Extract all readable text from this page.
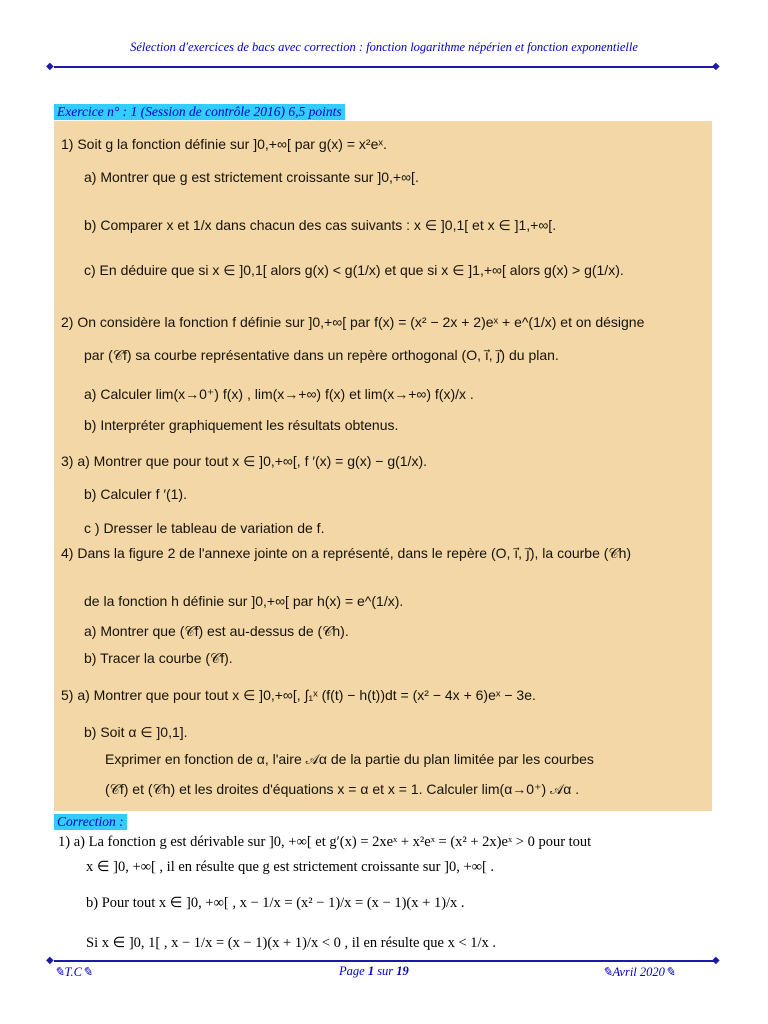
Sélection d'exercices de bacs avec correction : fonction logarithme népérien et fonction exponentielle
◆	◆
Exercice n° : 1 (Session de contrôle 2016) 6,5 points
1) Soit g la fonction définie sur ]0,+∞[ par g(x) = x²eˣ.
a) Montrer que g est strictement croissante sur ]0,+∞[.
b) Comparer x et 1/x dans chacun des cas suivants : x ∈ ]0,1[ et x ∈ ]1,+∞[.
c) En déduire que si x ∈ ]0,1[ alors g(x) < g(1/x) et que si x ∈ ]1,+∞[ alors g(x) > g(1/x).
2) On considère la fonction f définie sur ]0,+∞[ par f(x) = (x² − 2x + 2)eˣ + e^(1/x) et on désigne
par (𝒞f) sa courbe représentative dans un repère orthogonal (O, i⃗, j⃗) du plan.
a) Calculer lim(x→0⁺) f(x) , lim(x→+∞) f(x) et lim(x→+∞) f(x)/x .
b) Interpréter graphiquement les résultats obtenus.
3) a) Montrer que pour tout x ∈ ]0,+∞[, f ′(x) = g(x) − g(1/x).
b) Calculer f ′(1).
c ) Dresser le tableau de variation de f.
4) Dans la figure 2 de l'annexe jointe on a représenté, dans le repère (O, i⃗, j⃗), la courbe (𝒞h)
de la fonction h définie sur ]0,+∞[ par h(x) = e^(1/x).
a) Montrer que (𝒞f) est au-dessus de (𝒞h).
b) Tracer la courbe (𝒞f).
5) a) Montrer que pour tout x ∈ ]0,+∞[, ∫₁ˣ (f(t) − h(t))dt = (x² − 4x + 6)eˣ − 3e.
b) Soit α ∈ ]0,1].
Exprimer en fonction de α, l'aire 𝒜α de la partie du plan limitée par les courbes
(𝒞f) et (𝒞h) et les droites d'équations x = α et x = 1. Calculer lim(α→0⁺) 𝒜α .
Correction :
1) a) La fonction g est dérivable sur ]0, +∞[ et g′(x) = 2xeˣ + x²eˣ = (x² + 2x)eˣ > 0 pour tout
x ∈ ]0, +∞[ , il en résulte que g est strictement croissante sur ]0, +∞[ .
b) Pour tout x ∈ ]0, +∞[ , x − 1/x = (x² − 1)/x = (x − 1)(x + 1)/x .
Si x ∈ ]0, 1[ , x − 1/x = (x − 1)(x + 1)/x < 0 , il en résulte que x < 1/x .
◆	◆
✎T.C✎	Page 1 sur 19	✎Avril 2020✎
